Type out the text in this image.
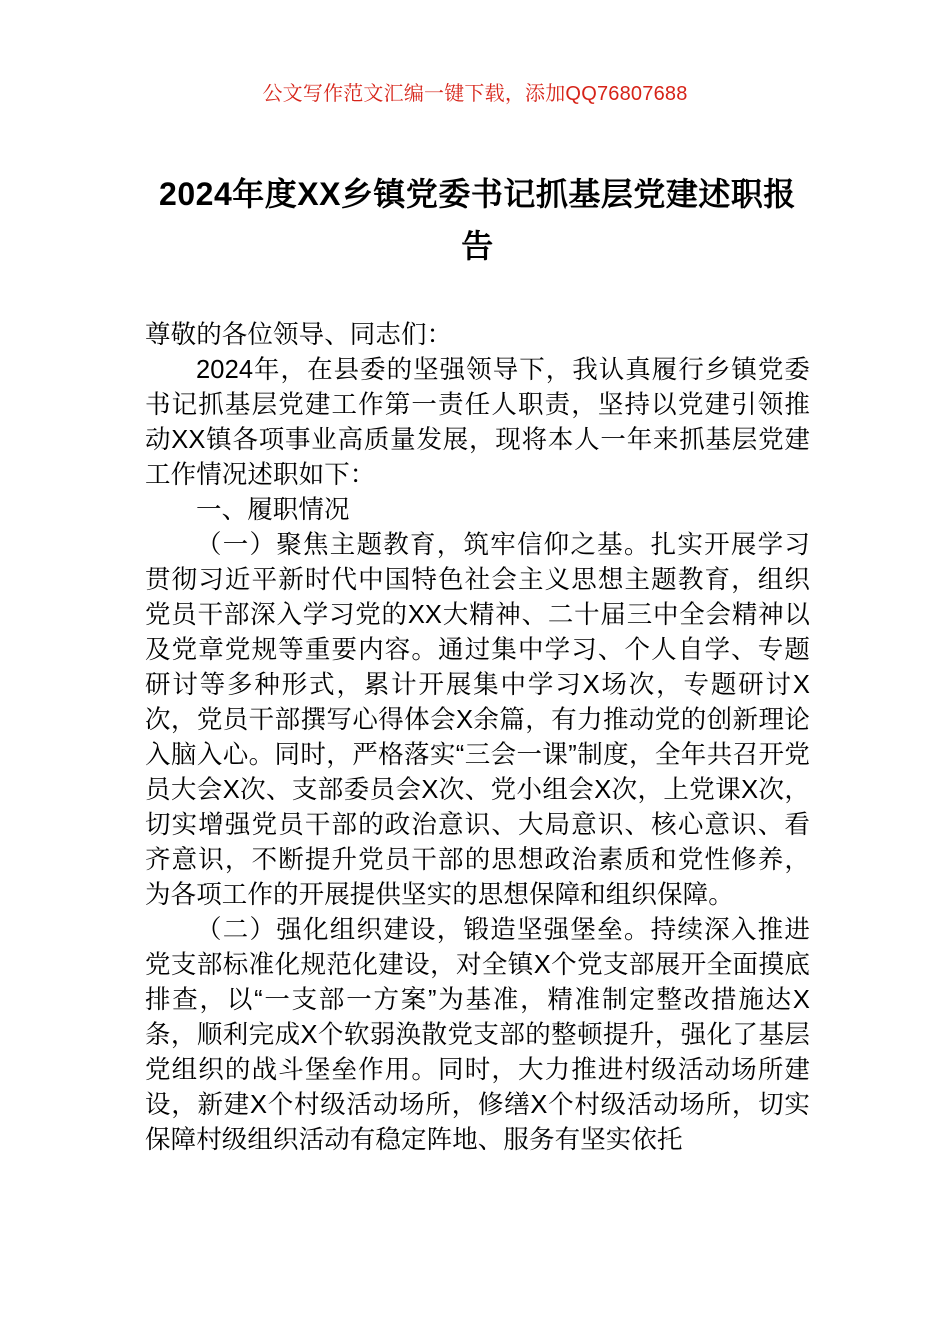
公文写作范文汇编一键下载，添加QQ76807688
2024年度XX乡镇党委书记抓基层党建述职报告

尊敬的各位领导、同志们：

2024年，在县委的坚强领导下，我认真履行乡镇党委书记抓基层党建工作第一责任人职责，坚持以党建引领推动XX镇各项事业高质量发展，现将本人一年来抓基层党建工作情况述职如下：

一、履职情况

（一）聚焦主题教育，筑牢信仰之基。扎实开展学习贯彻习近平新时代中国特色社会主义思想主题教育，组织党员干部深入学习党的XX大精神、二十届三中全会精神以及党章党规等重要内容。通过集中学习、个人自学、专题研讨等多种形式，累计开展集中学习X场次，专题研讨X次，党员干部撰写心得体会X余篇，有力推动党的创新理论入脑入心。同时，严格落实“三会一课”制度，全年共召开党员大会X次、支部委员会X次、党小组会X次，上党课X次，切实增强党员干部的政治意识、大局意识、核心意识、看齐意识，不断提升党员干部的思想政治素质和党性修养，为各项工作的开展提供坚实的思想保障和组织保障。

（二）强化组织建设，锻造坚强堡垒。持续深入推进党支部标准化规范化建设，对全镇X个党支部展开全面摸底排查，以“一支部一方案”为基准，精准制定整改措施达X条，顺利完成X个软弱涣散党支部的整顿提升，强化了基层党组织的战斗堡垒作用。同时，大力推进村级活动场所建设，新建X个村级活动场所，修缮X个村级活动场所，切实保障村级组织活动有稳定阵地、服务有坚实依托
